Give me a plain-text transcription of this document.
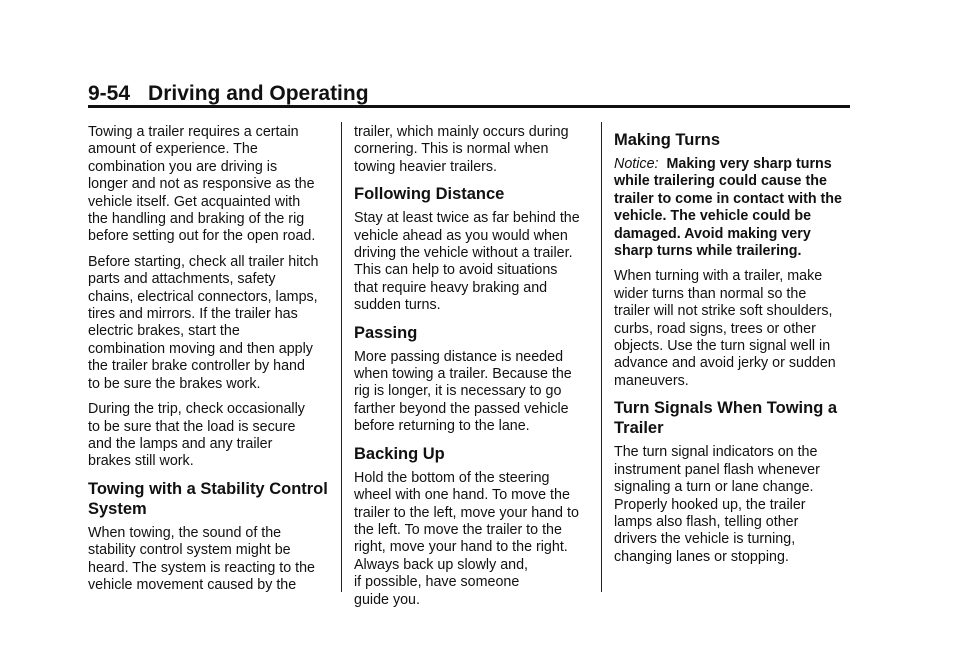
9-54 Driving and Operating

Towing a trailer requires a certain
amount of experience. The
combination you are driving is
longer and not as responsive as the
vehicle itself. Get acquainted with
the handling and braking of the rig
before setting out for the open road.

Before starting, check all trailer hitch
parts and attachments, safety
chains, electrical connectors, lamps,
tires and mirrors. If the trailer has
electric brakes, start the
combination moving and then apply
the trailer brake controller by hand
to be sure the brakes work.

During the trip, check occasionally
to be sure that the load is secure
and the lamps and any trailer
brakes still work.

Towing with a Stability Control System

When towing, the sound of the
stability control system might be
heard. The system is reacting to the
vehicle movement caused by the

trailer, which mainly occurs during
cornering. This is normal when
towing heavier trailers.

Following Distance

Stay at least twice as far behind the
vehicle ahead as you would when
driving the vehicle without a trailer.
This can help to avoid situations
that require heavy braking and
sudden turns.

Passing

More passing distance is needed
when towing a trailer. Because the
rig is longer, it is necessary to go
farther beyond the passed vehicle
before returning to the lane.

Backing Up

Hold the bottom of the steering
wheel with one hand. To move the
trailer to the left, move your hand to
the left. To move the trailer to the
right, move your hand to the right.
Always back up slowly and,
if possible, have someone
guide you.

Making Turns

Notice: Making very sharp turns
while trailering could cause the
trailer to come in contact with the
vehicle. The vehicle could be
damaged. Avoid making very
sharp turns while trailering.

When turning with a trailer, make
wider turns than normal so the
trailer will not strike soft shoulders,
curbs, road signs, trees or other
objects. Use the turn signal well in
advance and avoid jerky or sudden
maneuvers.

Turn Signals When Towing a Trailer

The turn signal indicators on the
instrument panel flash whenever
signaling a turn or lane change.
Properly hooked up, the trailer
lamps also flash, telling other
drivers the vehicle is turning,
changing lanes or stopping.
